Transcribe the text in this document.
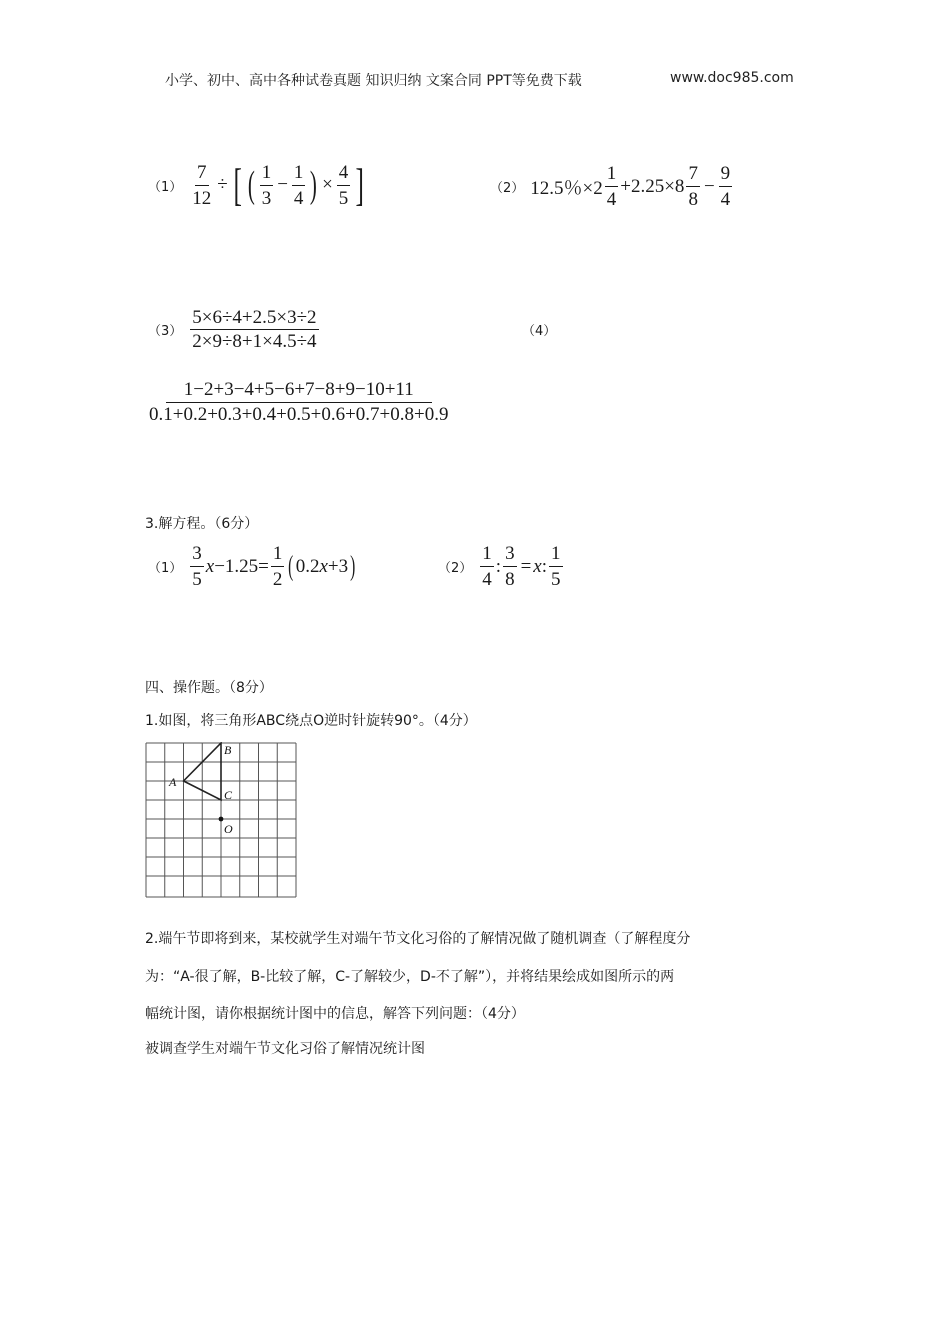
小学、初中、高中各种试卷真题 知识归纳 文案合同 PPT等免费下载	www.doc985.com
$(1) \frac{7}{12}$ ÷ [ ( $\frac{1}{3} - \frac{1}{4}$ ) × $\frac{4}{5}$ ]	（2） 12.5％$\times 2 \frac{1}{4} +2.25\times 8 \frac{7}{8} - \frac{9}{4}$
$(3) \frac{5\times 6\div 4+2.5\times 3\div 2}{2\times 9\div 8+1\times 4.5\div 4}$	（4）
$\frac{1-2+3-4+5-6+7-8+9-10+11}{0.1+0.2+0.3+0.4+0.5+0.6+0.7+0.8+0.9}$
3.解方程。（6分）
$(1) \frac{3}{5}$ $x -1.25= \frac{1}{2}$ ( 0.2 x +3 )	$(2) \frac{1}{4}$ : $\frac{3}{8} = x$ : $\frac{1}{5}$
四、操作题。（8分）
1.如图，将三角形ABC绕点O逆时针旋转90°。（4分）
A
B
C
O
2.端午节即将到来，某校就学生对端午节文化习俗的了解情况做了随机调查（了解程度分
为：“A-很了解，B-比较了解，C-了解较少，D-不了解”），并将结果绘成如图所示的两
幅统计图，请你根据统计图中的信息，解答下列问题：（4分）
被调查学生对端午节文化习俗了解情况统计图
